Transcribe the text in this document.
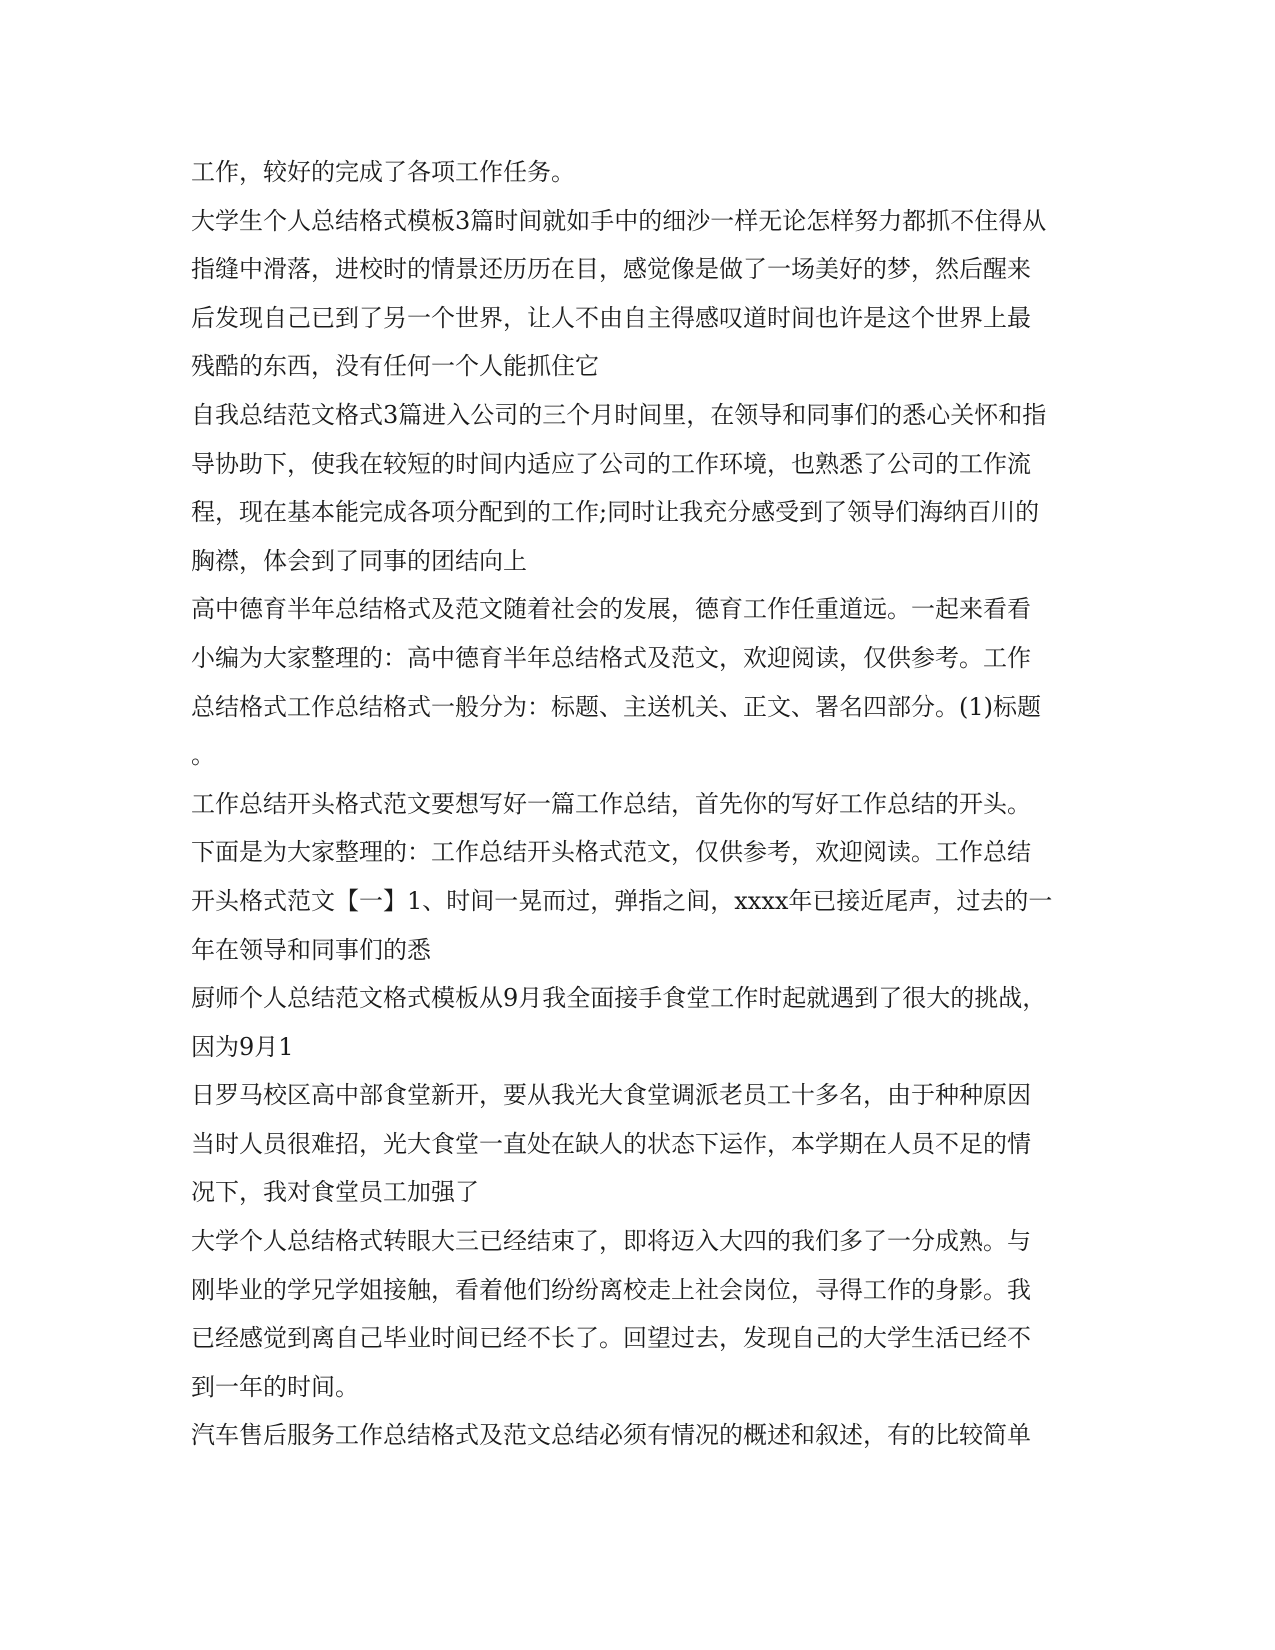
工作，较好的完成了各项工作任务。
大学生个人总结格式模板3篇时间就如手中的细沙一样无论怎样努力都抓不住得从
指缝中滑落，进校时的情景还历历在目，感觉像是做了一场美好的梦，然后醒来
后发现自己已到了另一个世界，让人不由自主得感叹道时间也许是这个世界上最
残酷的东西，没有任何一个人能抓住它
自我总结范文格式3篇进入公司的三个月时间里，在领导和同事们的悉心关怀和指
导协助下，使我在较短的时间内适应了公司的工作环境，也熟悉了公司的工作流
程，现在基本能完成各项分配到的工作;同时让我充分感受到了领导们海纳百川的
胸襟，体会到了同事的团结向上
高中德育半年总结格式及范文随着社会的发展，德育工作任重道远。一起来看看
小编为大家整理的：高中德育半年总结格式及范文，欢迎阅读，仅供参考。工作
总结格式工作总结格式一般分为：标题、主送机关、正文、署名四部分。(1)标题
。
工作总结开头格式范文要想写好一篇工作总结，首先你的写好工作总结的开头。
下面是为大家整理的：工作总结开头格式范文，仅供参考，欢迎阅读。工作总结
开头格式范文【一】1、时间一晃而过，弹指之间，xxxx年已接近尾声，过去的一
年在领导和同事们的悉
厨师个人总结范文格式模板从9月我全面接手食堂工作时起就遇到了很大的挑战，
因为9月1
日罗马校区高中部食堂新开，要从我光大食堂调派老员工十多名，由于种种原因
当时人员很难招，光大食堂一直处在缺人的状态下运作，本学期在人员不足的情
况下，我对食堂员工加强了
大学个人总结格式转眼大三已经结束了，即将迈入大四的我们多了一分成熟。与
刚毕业的学兄学姐接触，看着他们纷纷离校走上社会岗位，寻得工作的身影。我
已经感觉到离自己毕业时间已经不长了。回望过去，发现自己的大学生活已经不
到一年的时间。
汽车售后服务工作总结格式及范文总结必须有情况的概述和叙述，有的比较简单
